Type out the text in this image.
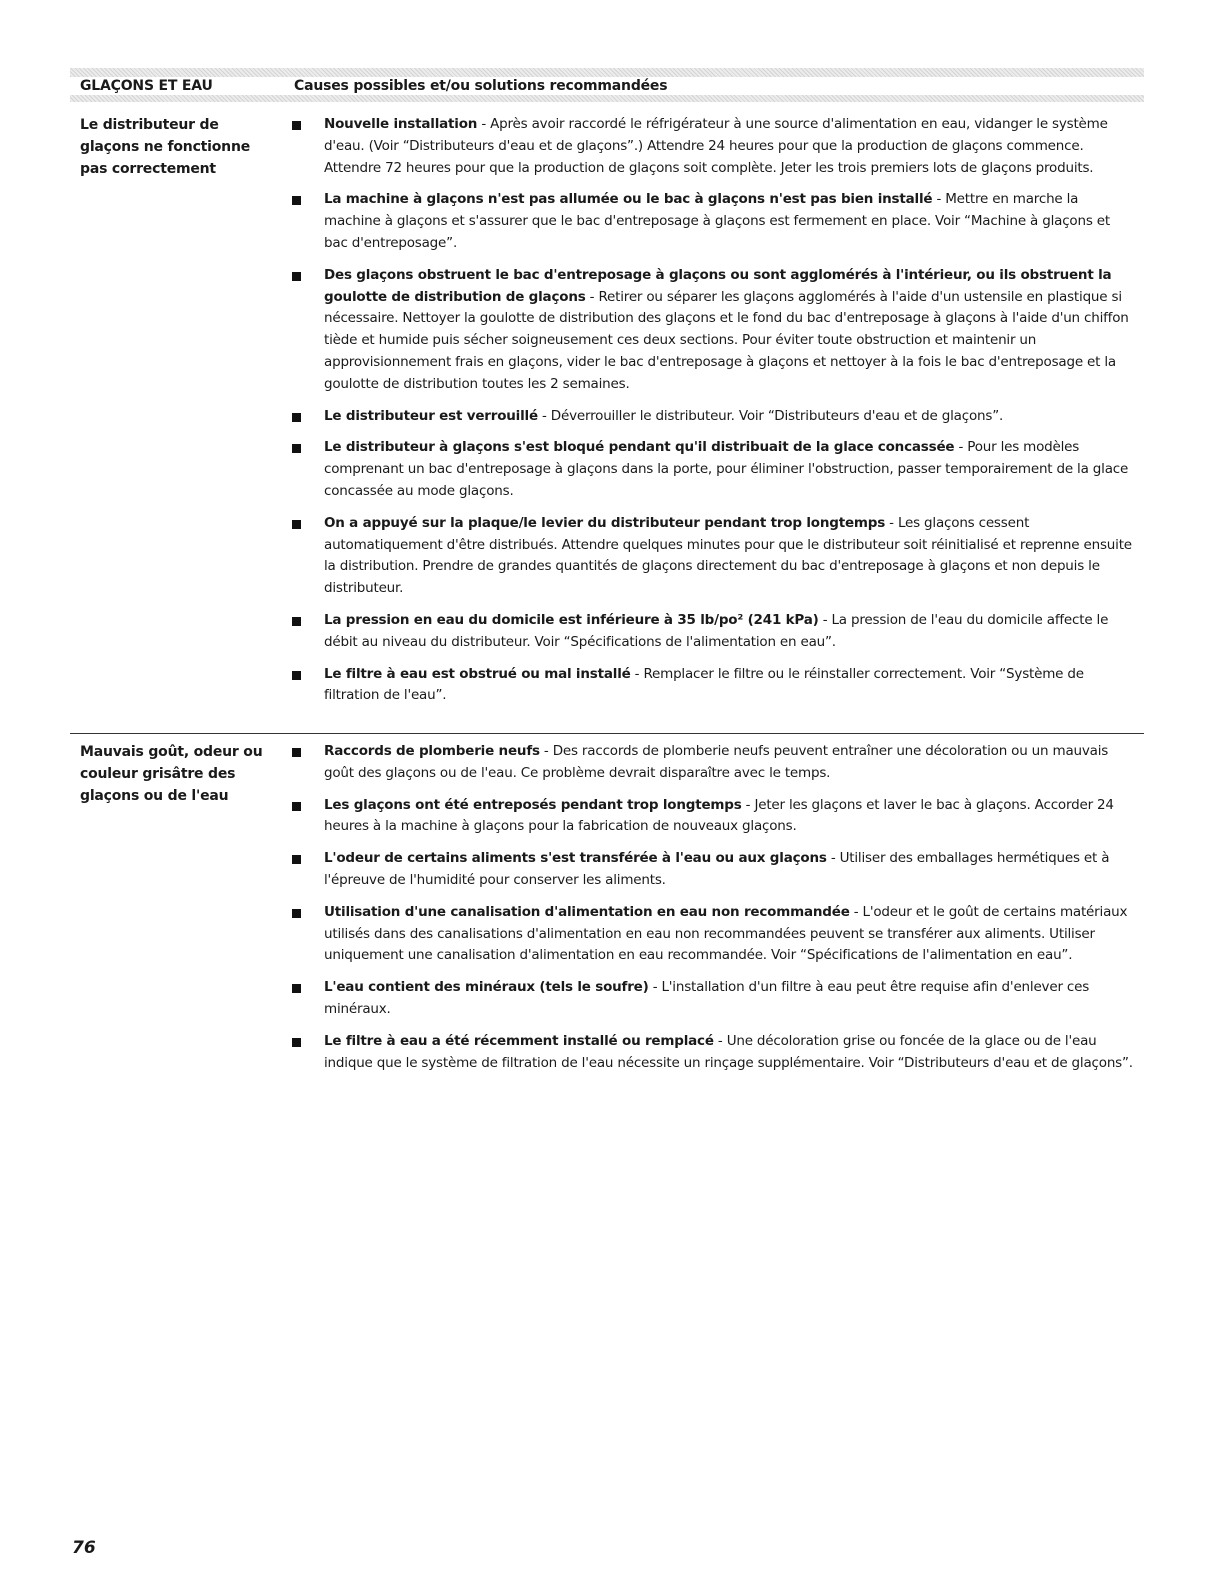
GLAÇONS ET EAU	Causes possibles et/ou solutions recommandées
Le distributeur de glaçons ne fonctionne pas correctement
Nouvelle installation - Après avoir raccordé le réfrigérateur à une source d'alimentation en eau, vidanger le système d'eau. (Voir “Distributeurs d'eau et de glaçons”.) Attendre 24 heures pour que la production de glaçons commence. Attendre 72 heures pour que la production de glaçons soit complète. Jeter les trois premiers lots de glaçons produits.
La machine à glaçons n'est pas allumée ou le bac à glaçons n'est pas bien installé - Mettre en marche la machine à glaçons et s'assurer que le bac d'entreposage à glaçons est fermement en place. Voir “Machine à glaçons et bac d'entreposage”.
Des glaçons obstruent le bac d'entreposage à glaçons ou sont agglomérés à l'intérieur, ou ils obstruent la goulotte de distribution de glaçons - Retirer ou séparer les glaçons agglomérés à l'aide d'un ustensile en plastique si nécessaire. Nettoyer la goulotte de distribution des glaçons et le fond du bac d'entreposage à glaçons à l'aide d'un chiffon tiède et humide puis sécher soigneusement ces deux sections. Pour éviter toute obstruction et maintenir un approvisionnement frais en glaçons, vider le bac d'entreposage à glaçons et nettoyer à la fois le bac d'entreposage et la goulotte de distribution toutes les 2 semaines.
Le distributeur est verrouillé - Déverrouiller le distributeur. Voir “Distributeurs d'eau et de glaçons”.
Le distributeur à glaçons s'est bloqué pendant qu'il distribuait de la glace concassée - Pour les modèles comprenant un bac d'entreposage à glaçons dans la porte, pour éliminer l'obstruction, passer temporairement de la glace concassée au mode glaçons.
On a appuyé sur la plaque/le levier du distributeur pendant trop longtemps - Les glaçons cessent automatiquement d'être distribués. Attendre quelques minutes pour que le distributeur soit réinitialisé et reprenne ensuite la distribution. Prendre de grandes quantités de glaçons directement du bac d'entreposage à glaçons et non depuis le distributeur.
La pression en eau du domicile est inférieure à 35 lb/po² (241 kPa) - La pression de l'eau du domicile affecte le débit au niveau du distributeur. Voir “Spécifications de l'alimentation en eau”.
Le filtre à eau est obstrué ou mal installé - Remplacer le filtre ou le réinstaller correctement. Voir “Système de filtration de l'eau”.
Mauvais goût, odeur ou couleur grisâtre des glaçons ou de l'eau
Raccords de plomberie neufs - Des raccords de plomberie neufs peuvent entraîner une décoloration ou un mauvais goût des glaçons ou de l'eau. Ce problème devrait disparaître avec le temps.
Les glaçons ont été entreposés pendant trop longtemps - Jeter les glaçons et laver le bac à glaçons. Accorder 24 heures à la machine à glaçons pour la fabrication de nouveaux glaçons.
L'odeur de certains aliments s'est transférée à l'eau ou aux glaçons - Utiliser des emballages hermétiques et à l'épreuve de l'humidité pour conserver les aliments.
Utilisation d'une canalisation d'alimentation en eau non recommandée - L'odeur et le goût de certains matériaux utilisés dans des canalisations d'alimentation en eau non recommandées peuvent se transférer aux aliments. Utiliser uniquement une canalisation d'alimentation en eau recommandée. Voir “Spécifications de l'alimentation en eau”.
L'eau contient des minéraux (tels le soufre) - L'installation d'un filtre à eau peut être requise afin d'enlever ces minéraux.
Le filtre à eau a été récemment installé ou remplacé - Une décoloration grise ou foncée de la glace ou de l'eau indique que le système de filtration de l'eau nécessite un rinçage supplémentaire. Voir “Distributeurs d'eau et de glaçons”.
76
